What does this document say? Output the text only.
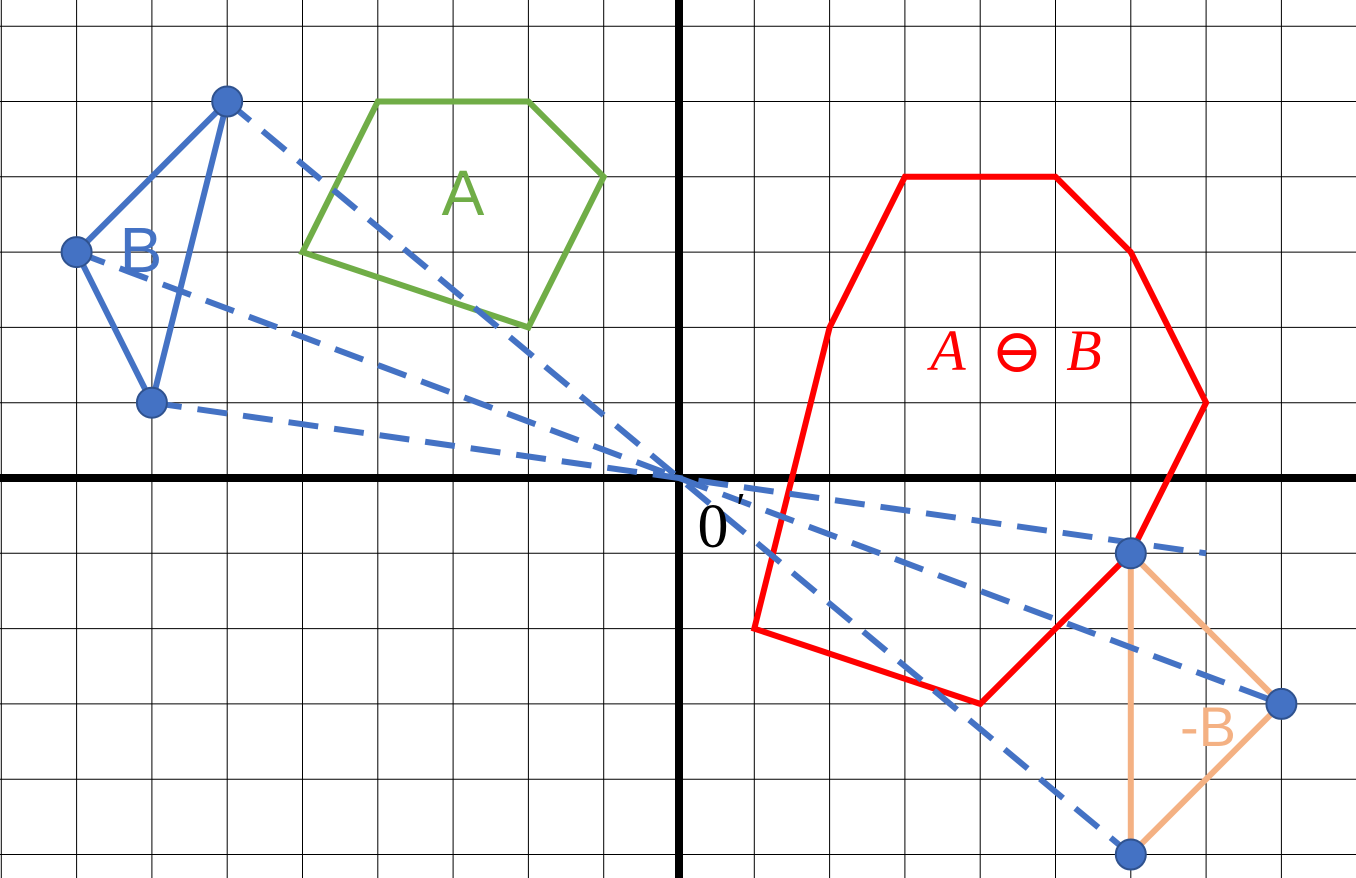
A
B
-B
A ⊖ B
0 ′
